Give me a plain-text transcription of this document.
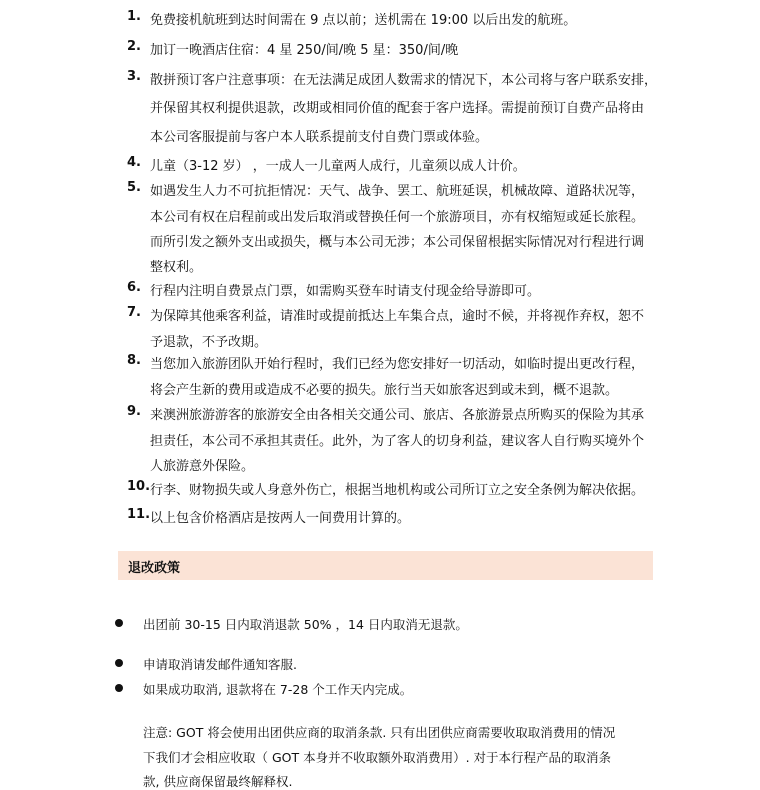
1. 免费接机航班到达时间需在 9 点以前；送机需在 19:00 以后出发的航班。
2. 加订一晚酒店住宿：4 星 250/间/晚 5 星：350/间/晚
3. 散拼预订客户注意事项：在无法满足成团人数需求的情况下，本公司将与客户联系安排，
并保留其权利提供退款，改期或相同价值的配套于客户选择。需提前预订自费产品将由
本公司客服提前与客户本人联系提前支付自费门票或体验。
4. 儿童（3-12 岁） ，一成人一儿童两人成行，儿童须以成人计价。
5. 如遇发生人力不可抗拒情况：天气、战争、罢工、航班延误，机械故障、道路状况等，
本公司有权在启程前或出发后取消或替换任何一个旅游项目，亦有权缩短或延长旅程。
而所引发之额外支出或损失，概与本公司无涉；本公司保留根据实际情况对行程进行调
整权利。
6. 行程内注明自费景点门票，如需购买登车时请支付现金给导游即可。
7. 为保障其他乘客利益，请准时或提前抵达上车集合点，逾时不候，并将视作弃权，恕不
予退款，不予改期。
8. 当您加入旅游团队开始行程时，我们已经为您安排好一切活动，如临时提出更改行程，
将会产生新的费用或造成不必要的损失。旅行当天如旅客迟到或未到，概不退款。
9. 来澳洲旅游游客的旅游安全由各相关交通公司、旅店、各旅游景点所购买的保险为其承
担责任，本公司不承担其责任。此外，为了客人的切身利益，建议客人自行购买境外个
人旅游意外保险。
10. 行李、财物损失或人身意外伤亡，根据当地机构或公司所订立之安全条例为解决依据。
11. 以上包含价格酒店是按两人一间费用计算的。
退改政策
出团前 30-15 日内取消退款 50% ，14 日内取消无退款。
申请取消请发邮件通知客服.
如果成功取消, 退款将在 7-28 个工作天内完成。
注意: GOT 将会使用出团供应商的取消条款. 只有出团供应商需要收取取消费用的情况
下我们才会相应收取（ GOT 本身并不收取额外取消费用）. 对于本行程产品的取消条
款, 供应商保留最终解释权.
